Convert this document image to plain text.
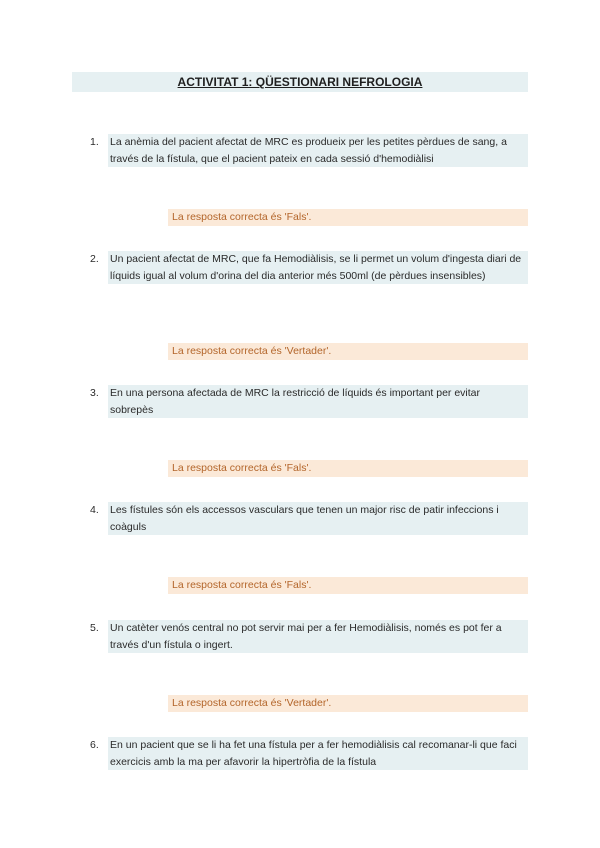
ACTIVITAT 1: QÜESTIONARI NEFROLOGIA
1. La anèmia del pacient afectat de MRC es produeix per les petites pèrdues de sang, a través de la fístula, que el pacient pateix en cada sessió d'hemodiàlisi
La resposta correcta és 'Fals'.
2. Un pacient afectat de MRC, que fa Hemodiàlisis, se li permet un volum d'ingesta diari de líquids igual al volum d'orina del dia anterior més 500ml (de pèrdues insensibles)
La resposta correcta és 'Vertader'.
3. En una persona afectada de MRC la restricció de líquids és important per evitar sobrepès
La resposta correcta és 'Fals'.
4. Les fístules són els accessos vasculars que tenen un major risc de patir infeccions i coàguls
La resposta correcta és 'Fals'.
5. Un catèter venós central no pot servir mai per a fer Hemodiàlisis, només es pot fer a través d'un fístula o ingert.
La resposta correcta és 'Vertader'.
6. En un pacient que se li ha fet una fístula per a fer hemodiàlisis cal recomanar-li que faci exercicis amb la ma per afavorir la hipertròfia de la fístula
